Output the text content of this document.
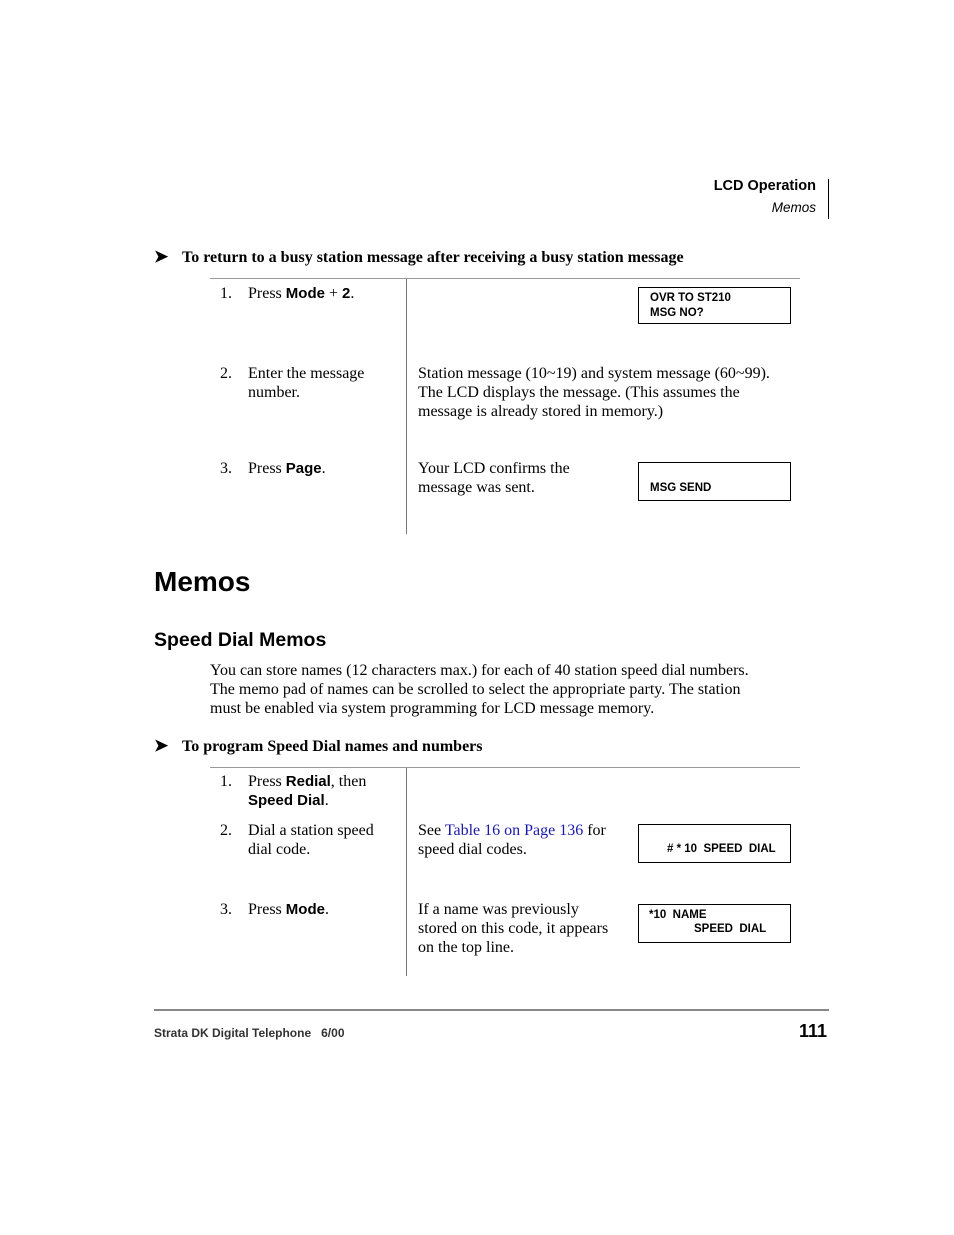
LCD Operation
Memos
➤ To return to a busy station message after receiving a busy station message
1.	Press Mode + 2.	OVR TO ST210
MSG NO?
2.	Enter the message
number.
Station message (10~19) and system message (60~99).
The LCD displays the message. (This assumes the
message is already stored in memory.)
3.	Press Page.	Your LCD confirms the
message was sent.	MSG SEND
Memos
Speed Dial Memos
You can store names (12 characters max.) for each of 40 station speed dial numbers.
The memo pad of names can be scrolled to select the appropriate party. The station
must be enabled via system programming for LCD message memory.
➤ To program Speed Dial names and numbers
1.	Press Redial, then
Speed Dial.
2.	Dial a station speed
dial code.
See Table 16 on Page 136 for
speed dial codes.	# * 10  SPEED  DIAL
3.	Press Mode.	If a name was previously
stored on this code, it appears
on the top line.
*10  NAME
SPEED  DIAL
Strata DK Digital Telephone   6/00	111
